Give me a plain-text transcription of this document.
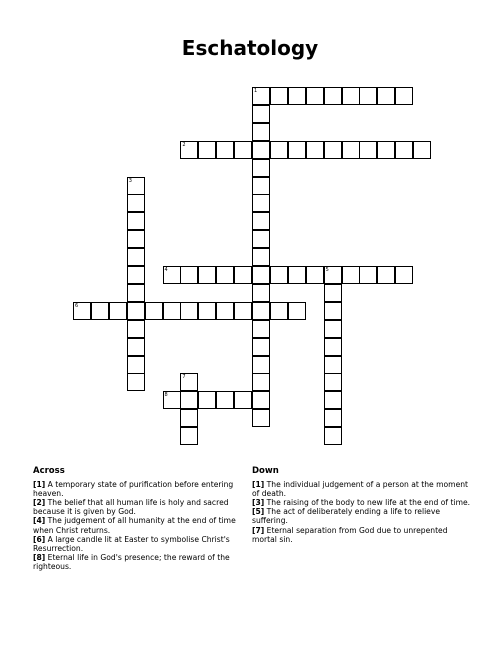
Eschatology
1
2
3
4	5
6
7
8
Across

[1] A temporary state of purification before entering heaven.

[2] The belief that all human life is holy and sacred because it is given by God.

[4] The judgement of all humanity at the end of time when Christ returns.

[6] A large candle lit at Easter to symbolise Christ's Resurrection.

[8] Eternal life in God's presence; the reward of the righteous.

Down

[1] The individual judgement of a person at the moment of death.

[3] The raising of the body to new life at the end of time.

[5] The act of deliberately ending a life to relieve suffering.

[7] Eternal separation from God due to unrepented mortal sin.
